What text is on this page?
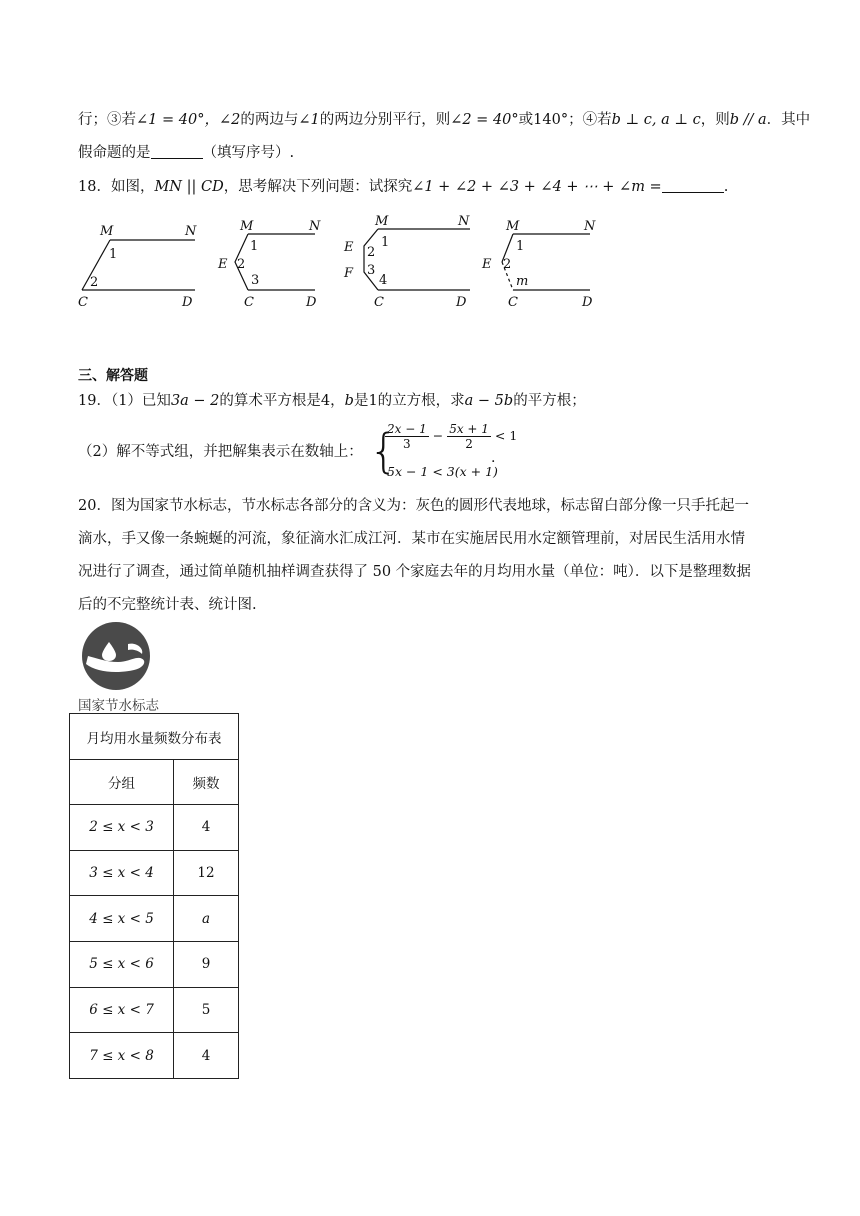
行；③若∠1 = 40°，∠2的两边与∠1的两边分别平行，则∠2 = 40°或140°；④若b ⊥ c, a ⊥ c，则b // a．其中
假命题的是	（填写序号）.
18．如图，MN || CD，思考解决下列问题：试探究∠1 + ∠2 + ∠3 + ∠4 + ⋯ + ∠m =	.
M	N
C	D
1
2
M	N
E
C	D
1
2
3
M	N
E
F
C	D
1
2
3
4
M	N
E
C	D
1
2
m
三、解答题
19．（1）已知3a − 2的算术平方根是4，b是1的立方根，求a − 5b的平方根；
（2）解不等式组，并把解集表示在数轴上： {
$\frac{2x - 1}{3} - \frac{5x + 1}{2} < 1$
5x − 1 < 3(x + 1)
.
20．图为国家节水标志，节水标志各部分的含义为：灰色的圆形代表地球，标志留白部分像一只手托起一
滴水，手又像一条蜿蜒的河流，象征滴水汇成江河．某市在实施居民用水定额管理前，对居民生活用水情
况进行了调查，通过简单随机抽样调查获得了 50 个家庭去年的月均用水量（单位：吨）．以下是整理数据
后的不完整统计表、统计图.
国家节水标志
月均用水量频数分布表	
分组	频数
2 ≤ x < 3	4
3 ≤ x < 4	12
4 ≤ x < 5	a
5 ≤ x < 6	9
6 ≤ x < 7	5
7 ≤ x < 8	4
